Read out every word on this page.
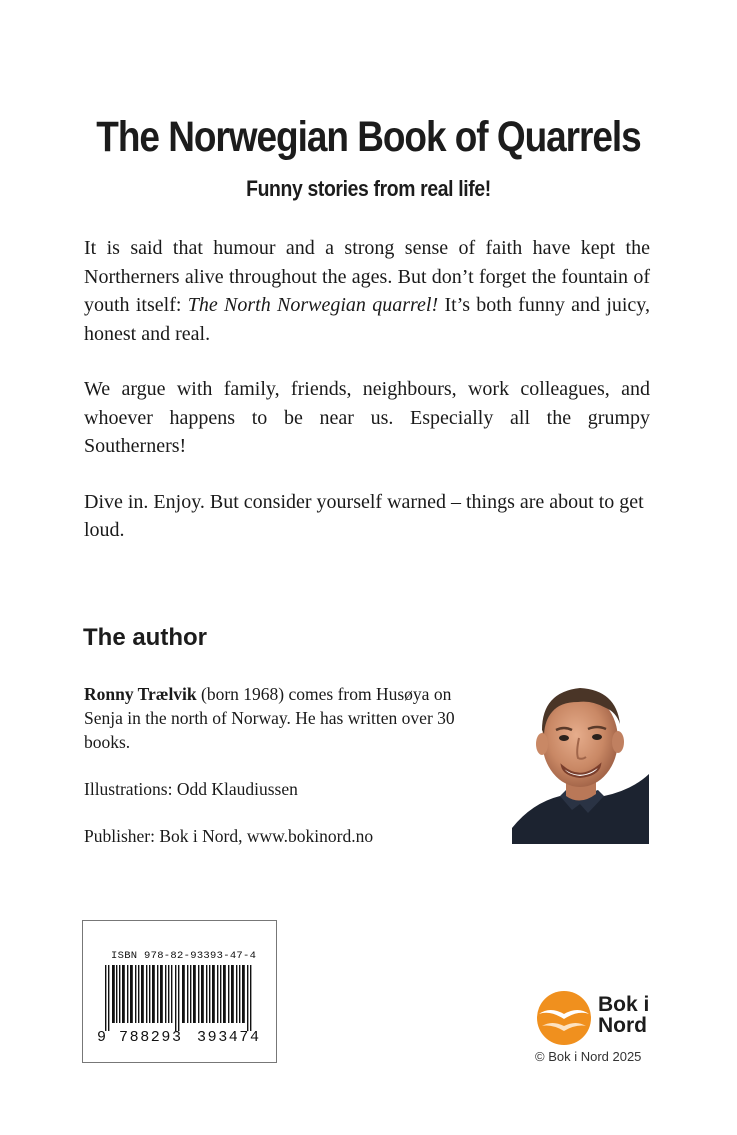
The Norwegian Book of Quarrels
Funny stories from real life!

It is said that humour and a strong sense of faith have kept the Northerners alive throughout the ages. But don’t forget the fountain of youth itself: The North Norwegian quarrel! It’s both funny and juicy, honest and real.

We argue with family, friends, neighbours, work colleagues, and whoever happens to be near us. Especially all the grumpy Southerners!

Dive in. Enjoy. But consider yourself warned – things are about to get loud.

The author

Ronny Trælvik (born 1968) comes from Husøya on Senja in the north of Norway. He has written over 30 books.

Illustrations: Odd Klaudiussen

Publisher: Bok i Nord, www.bokinord.no

ISBN 978-82-93393-47-4
9 788293 393474
Bok i
Nord
© Bok i Nord 2025
